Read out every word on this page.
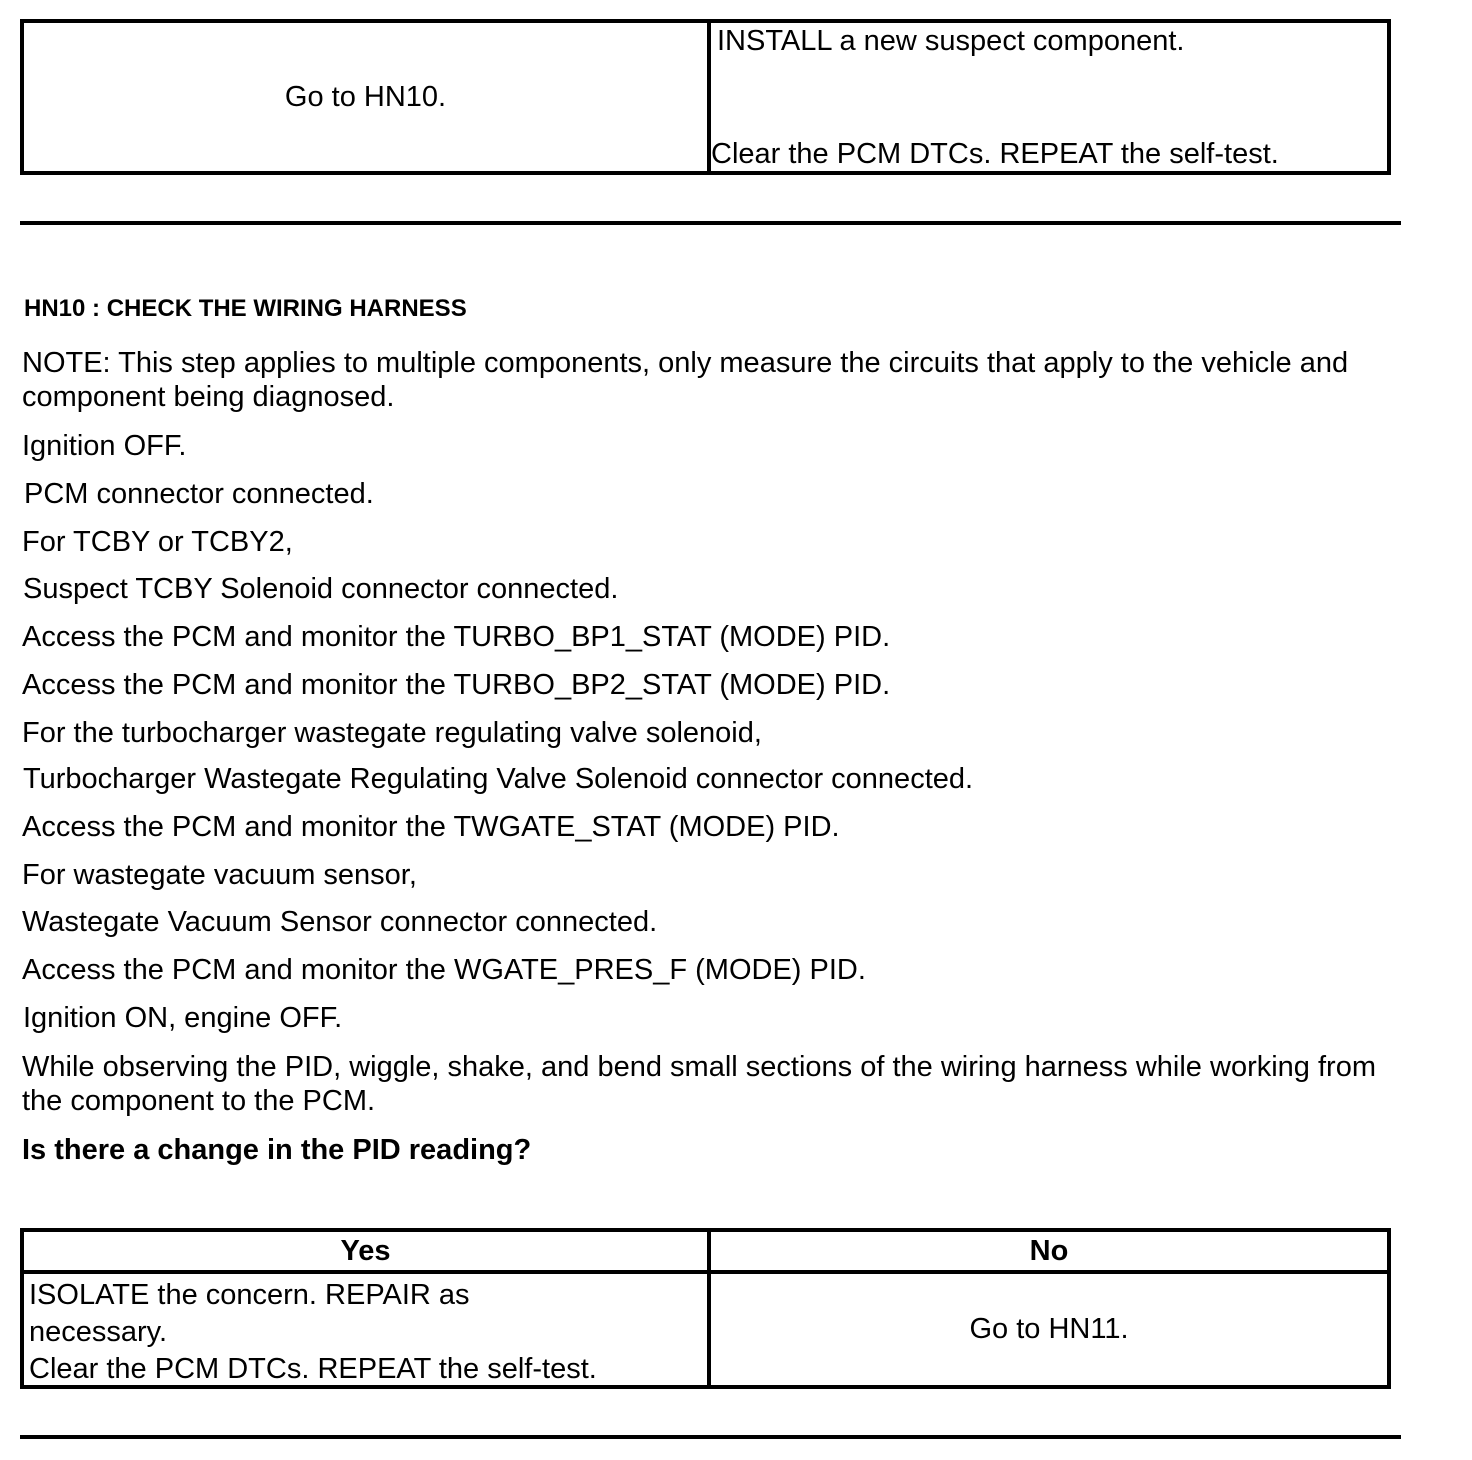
Go to HN10.
INSTALL a new suspect component.
Clear the PCM DTCs. REPEAT the self-test.
HN10 : CHECK THE WIRING HARNESS
NOTE: This step applies to multiple components, only measure the circuits that apply to the vehicle and component being diagnosed.
Ignition OFF.
PCM connector connected.
For TCBY or TCBY2,
Suspect TCBY Solenoid connector connected.
Access the PCM and monitor the TURBO_BP1_STAT (MODE) PID.
Access the PCM and monitor the TURBO_BP2_STAT (MODE) PID.
For the turbocharger wastegate regulating valve solenoid,
Turbocharger Wastegate Regulating Valve Solenoid connector connected.
Access the PCM and monitor the TWGATE_STAT (MODE) PID.
For wastegate vacuum sensor,
Wastegate Vacuum Sensor connector connected.
Access the PCM and monitor the WGATE_PRES_F (MODE) PID.
Ignition ON, engine OFF.
While observing the PID, wiggle, shake, and bend small sections of the wiring harness while working from the component to the PCM.
Is there a change in the PID reading?
Yes	No
ISOLATE the concern. REPAIR as
necessary.
Clear the PCM DTCs. REPEAT the self-test.
Go to HN11.
